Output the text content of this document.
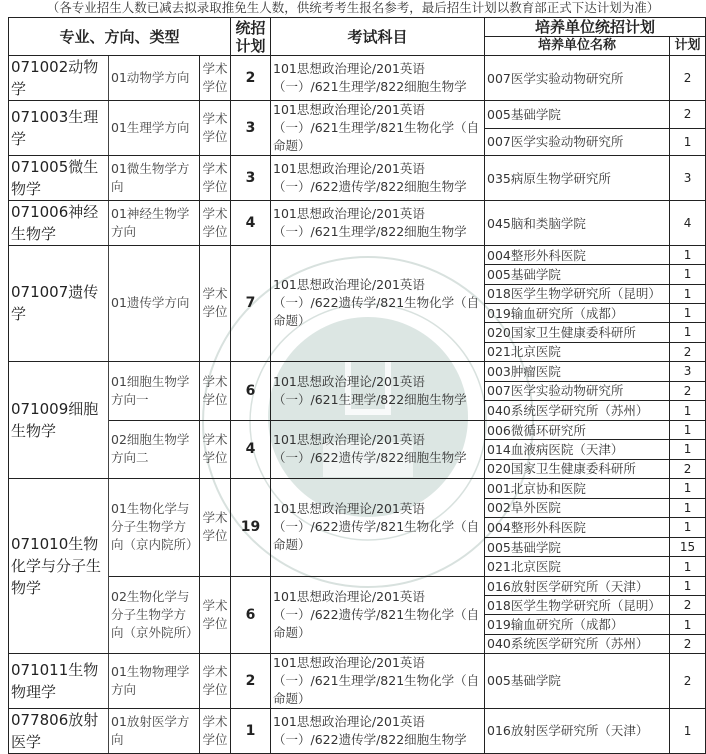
（各专业招生人数已减去拟录取推免生人数，供统考考生报名参考，最后招生计划以教育部正式下达计划为准）
专业、方向、类型			统招计划	考试科目	培养单位统招计划	
					培养单位名称	计划
071002动物学	01动物学方向	学术学位	2	101思想政治理论/201英语（一）/621生理学/822细胞生物学	007医学实验动物研究所	2
071003生理学	01生理学方向	学术学位	3	101思想政治理论/201英语（一）/621生理学/821生物化学（自命题）	005基础学院	2
					007医学实验动物研究所	1
071005微生物学	01微生物学方向	学术学位	3	101思想政治理论/201英语（一）/622遗传学/822细胞生物学	035病原生物学研究所	3
071006神经生物学	01神经生物学方向	学术学位	4	101思想政治理论/201英语（一）/621生理学/822细胞生物学	045脑和类脑学院	4
071007遗传学	01遗传学方向	学术学位	7	101思想政治理论/201英语（一）/622遗传学/821生物化学（自命题）	004整形外科医院	1
					005基础学院	1
					018医学生物学研究所（昆明）	1
					019输血研究所（成都）	1
					020国家卫生健康委科研所	1
					021北京医院	2
071009细胞生物学	01细胞生物学方向一	学术学位	6	101思想政治理论/201英语（一）/621生理学/822细胞生物学	003肿瘤医院	3
					007医学实验动物研究所	2
					040系统医学研究所（苏州）	1
	02细胞生物学方向二	学术学位	4	101思想政治理论/201英语（一）/622遗传学/822细胞生物学	006微循环研究所	1
					014血液病医院（天津）	1
					020国家卫生健康委科研所	2
071010生物化学与分子生物学	01生物化学与分子生物学方向（京内院所）	学术学位	19	101思想政治理论/201英语（一）/622遗传学/821生物化学（自命题）	001北京协和医院	1
					002阜外医院	1
					004整形外科医院	1
					005基础学院	15
					021北京医院	1
	02生物化学与分子生物学方向（京外院所）	学术学位	6	101思想政治理论/201英语（一）/622遗传学/821生物化学（自命题）	016放射医学研究所（天津）	1
					018医学生物学研究所（昆明）	2
					019输血研究所（成都）	1
					040系统医学研究所（苏州）	2
071011生物物理学	01生物物理学方向	学术学位	2	101思想政治理论/201英语（一）/621生理学/821生物化学（自命题）	005基础学院	2
077806放射医学	01放射医学方向	学术学位	1	101思想政治理论/201英语（一）/622遗传学/822细胞生物学	016放射医学研究所（天津）	1
